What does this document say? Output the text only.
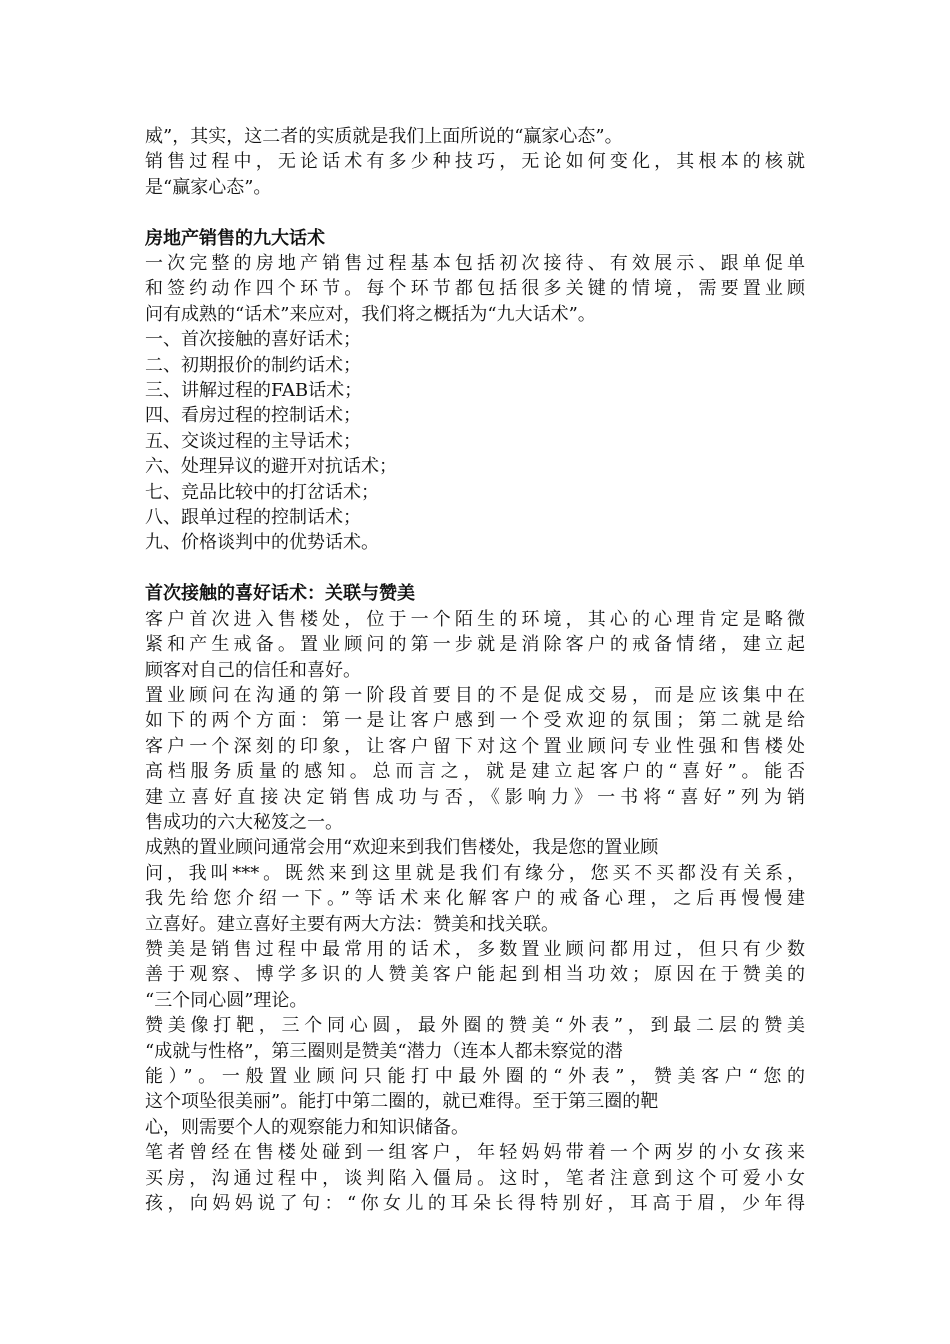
威”，其实，这二者的实质就是我们上面所说的“赢家心态”。
销售过程中，无论话术有多少种技巧，无论如何变化，其根本的核就
是“赢家心态”。
房地产销售的九大话术
一次完整的房地产销售过程基本包括初次接待、有效展示、跟单促单
和签约动作四个环节。每个环节都包括很多关键的情境，需要置业顾
问有成熟的“话术”来应对，我们将之概括为“九大话术”。
一、首次接触的喜好话术；
二、初期报价的制约话术；
三、讲解过程的FAB话术；
四、看房过程的控制话术；
五、交谈过程的主导话术；
六、处理异议的避开对抗话术；
七、竞品比较中的打岔话术；
八、跟单过程的控制话术；
九、价格谈判中的优势话术。
首次接触的喜好话术：关联与赞美
客户首次进入售楼处，位于一个陌生的环境，其心的心理肯定是略微
紧和产生戒备。置业顾问的第一步就是消除客户的戒备情绪，建立起
顾客对自己的信任和喜好。
置业顾问在沟通的第一阶段首要目的不是促成交易，而是应该集中在
如下的两个方面：第一是让客户感到一个受欢迎的氛围；第二就是给
客户一个深刻的印象，让客户留下对这个置业顾问专业性强和售楼处
高档服务质量的感知。总而言之，就是建立起客户的“喜好”。能否
建立喜好直接决定销售成功与否，《影响力》一书将“喜好”列为销
售成功的六大秘笈之一。
成熟的置业顾问通常会用“欢迎来到我们售楼处，我是您的置业顾
问，我叫***。既然来到这里就是我们有缘分，您买不买都没有关系，
我先给您介绍一下。”等话术来化解客户的戒备心理，之后再慢慢建
立喜好。建立喜好主要有两大方法：赞美和找关联。
赞美是销售过程中最常用的话术，多数置业顾问都用过，但只有少数
善于观察、博学多识的人赞美客户能起到相当功效；原因在于赞美的
“三个同心圆”理论。
赞美像打靶，三个同心圆，最外圈的赞美“外表”，到最二层的赞美
“成就与性格”，第三圈则是赞美“潜力（连本人都未察觉的潜
能）”。一般置业顾问只能打中最外圈的“外表”，赞美客户“您的
这个项坠很美丽”。能打中第二圈的，就已难得。至于第三圈的靶
心，则需要个人的观察能力和知识储备。
笔者曾经在售楼处碰到一组客户，年轻妈妈带着一个两岁的小女孩来
买房，沟通过程中，谈判陷入僵局。这时，笔者注意到这个可爱小女
孩，向妈妈说了句：“你女儿的耳朵长得特别好，耳高于眉，少年得
